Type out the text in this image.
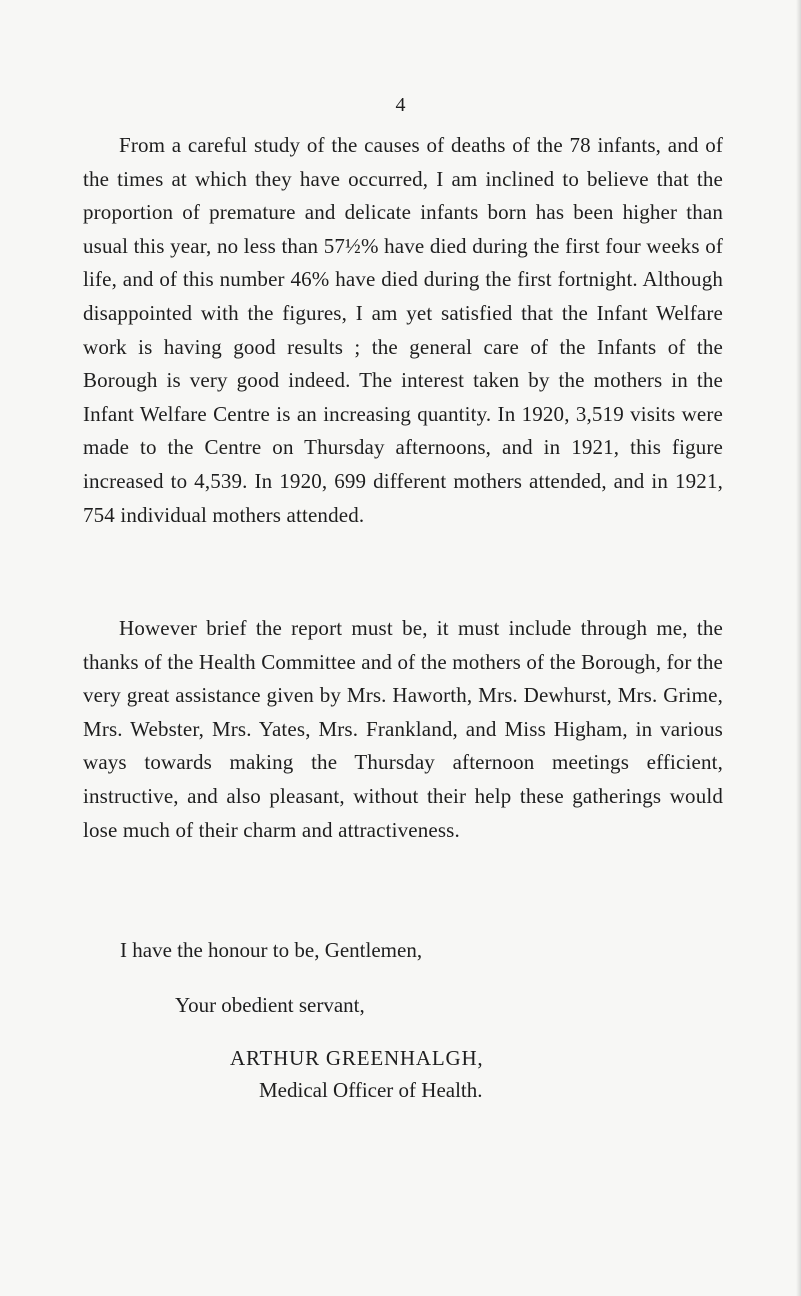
4

From a careful study of the causes of deaths of the 78 infants, and of the times at which they have occurred, I am inclined to believe that the proportion of premature and delicate infants born has been higher than usual this year, no less than 57½% have died during the first four weeks of life, and of this number 46% have died during the first fortnight. Although disappointed with the figures, I am yet satisfied that the Infant Welfare work is having good results ; the general care of the Infants of the Borough is very good indeed. The interest taken by the mothers in the Infant Welfare Centre is an increasing quantity. In 1920, 3,519 visits were made to the Centre on Thursday afternoons, and in 1921, this figure increased to 4,539. In 1920, 699 different mothers attended, and in 1921, 754 individual mothers attended.

However brief the report must be, it must include through me, the thanks of the Health Committee and of the mothers of the Borough, for the very great assistance given by Mrs. Haworth, Mrs. Dewhurst, Mrs. Grime, Mrs. Webster, Mrs. Yates, Mrs. Frankland, and Miss Higham, in various ways towards making the Thursday afternoon meetings efficient, instructive, and also pleasant, without their help these gatherings would lose much of their charm and attractiveness.

I have the honour to be, Gentlemen,
Your obedient servant,
ARTHUR GREENHALGH,
Medical Officer of Health.
